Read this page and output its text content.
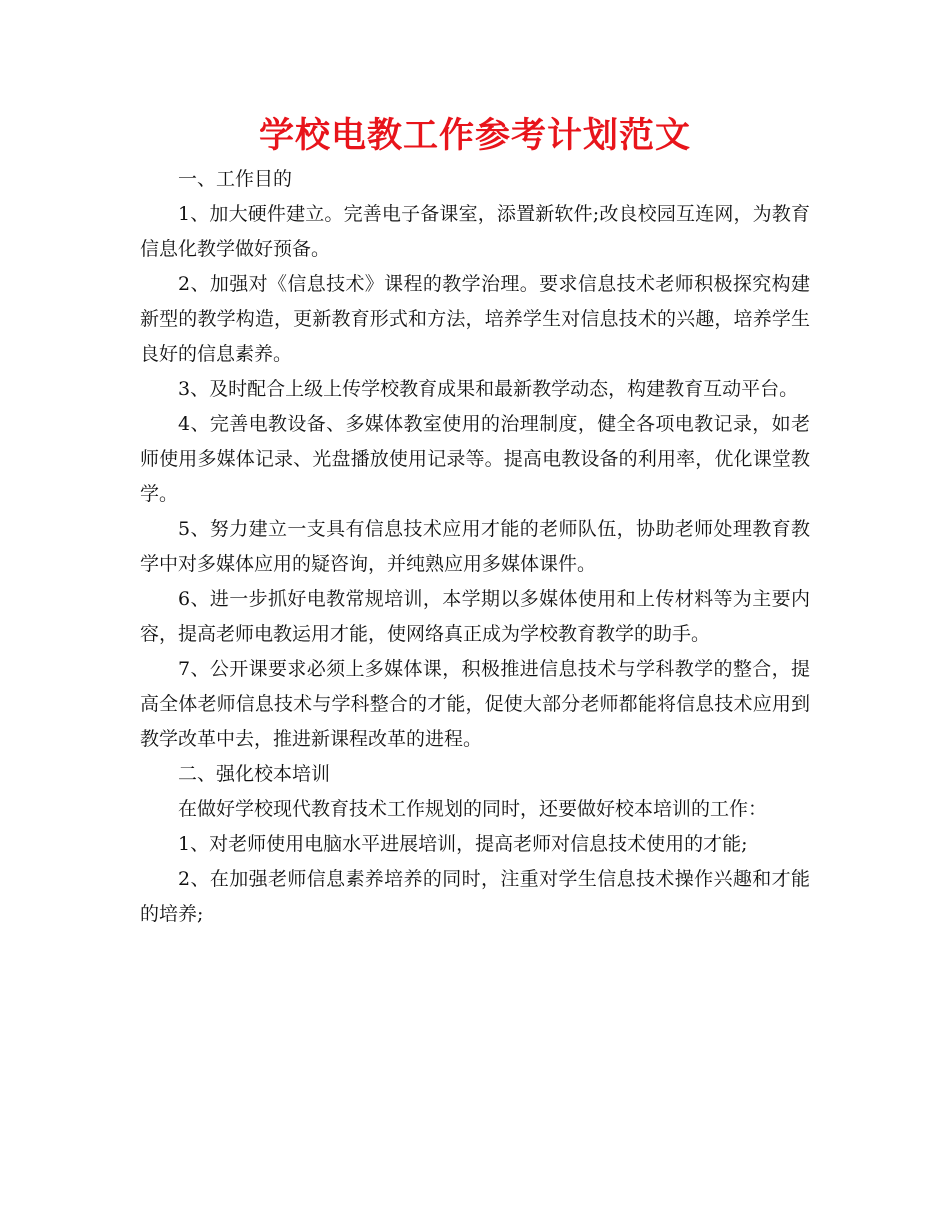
学校电教工作参考计划范文

一、工作目的

1、加大硬件建立。完善电子备课室，添置新软件;改良校园互连网，为教育信息化教学做好预备。

2、加强对《信息技术》课程的教学治理。要求信息技术老师积极探究构建新型的教学构造，更新教育形式和方法，培养学生对信息技术的兴趣，培养学生良好的信息素养。

3、及时配合上级上传学校教育成果和最新教学动态，构建教育互动平台。

4、完善电教设备、多媒体教室使用的治理制度，健全各项电教记录，如老师使用多媒体记录、光盘播放使用记录等。提高电教设备的利用率，优化课堂教学。

5、努力建立一支具有信息技术应用才能的老师队伍，协助老师处理教育教学中对多媒体应用的疑咨询，并纯熟应用多媒体课件。

6、进一步抓好电教常规培训，本学期以多媒体使用和上传材料等为主要内容，提高老师电教运用才能，使网络真正成为学校教育教学的助手。

7、公开课要求必须上多媒体课，积极推进信息技术与学科教学的整合，提高全体老师信息技术与学科整合的才能，促使大部分老师都能将信息技术应用到教学改革中去，推进新课程改革的进程。

二、强化校本培训

在做好学校现代教育技术工作规划的同时，还要做好校本培训的工作：

1、对老师使用电脑水平进展培训，提高老师对信息技术使用的才能;

2、在加强老师信息素养培养的同时，注重对学生信息技术操作兴趣和才能的培养;
